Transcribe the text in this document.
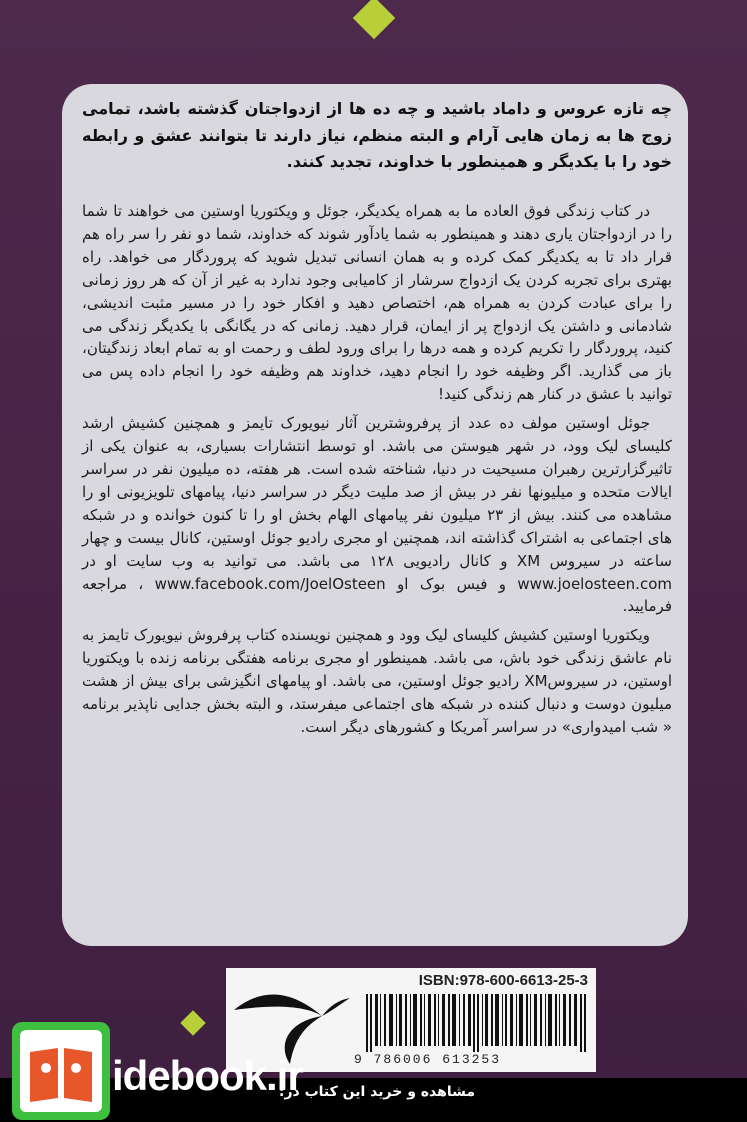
چه تازه عروس و داماد باشید و چه ده ها از ازدواجتان گذشته باشد، تمامی زوج ها به زمان هایی آرام و البته منظم، نیاز دارند تا بتوانند عشق و رابطه خود را با یکدیگر و همینطور با خداوند، تجدید کنند.

در کتاب زندگی فوق العاده ما به همراه یکدیگر، جوئل و ویکتوریا اوستین می خواهند تا شما را در ازدواجتان یاری دهند و همینطور به شما یادآور شوند که خداوند، شما دو نفر را سر راه هم قرار داد تا به یکدیگر کمک کرده و به همان انسانی تبدیل شوید که پروردگار می خواهد. راه بهتری برای تجربه کردن یک ازدواج سرشار از کامیابی وجود ندارد به غیر از آن که هر روز زمانی را برای عبادت کردن به همراه هم، اختصاص دهید و افکار خود را در مسیر مثبت اندیشی، شادمانی و داشتن یک ازدواج پر از ایمان، قرار دهید. زمانی که در یگانگی با یکدیگر زندگی می کنید، پروردگار را تکریم کرده و همه درها را برای ورود لطف و رحمت او به تمام ابعاد زندگیتان، باز می گذارید. اگر وظیفه خود را انجام دهید، خداوند هم وظیفه خود را انجام داده پس می توانید با عشق در کنار هم زندگی کنید!

جوئل اوستین مولف ده عدد از پرفروشترین آثار نیویورک تایمز و همچنین کشیش ارشد کلیسای لیک وود، در شهر هیوستن می باشد. او توسط انتشارات بسیاری، به عنوان یکی از تاثیرگزارترین رهبران مسیحیت در دنیا، شناخته شده است. هر هفته، ده میلیون نفر در سراسر ایالات متحده و میلیونها نفر در بیش از صد ملیت دیگر در سراسر دنیا، پیامهای تلویزیونی او را مشاهده می کنند. بیش از ۲۳ میلیون نفر پیامهای الهام بخش او را تا کنون خوانده و در شبکه های اجتماعی به اشتراک گذاشته اند، همچنین او مجری رادیو جوئل اوستین، کانال بیست و چهار ساعته در سیروس XM و کانال رادیویی ۱۲۸ می باشد. می توانید به وب سایت او در www.joelosteen.com و فیس بوک او www.facebook.com/JoelOsteen ، مراجعه فرمایید.

ویکتوریا اوستین کشیش کلیسای لیک وود و همچنین نویسنده کتاب پرفروش نیویورک تایمز به نام عاشق زندگی خود باش، می باشد. همینطور او مجری برنامه هفتگی برنامه زنده با ویکتوریا اوستین، در سیروسXM رادیو جوئل اوستین، می باشد. او پیامهای انگیزشی برای بیش از هشت میلیون دوست و دنبال کننده در شبکه های اجتماعی میفرستد، و البته بخش جدایی ناپذیر برنامه « شب امیدواری» در سراسر آمریکا و کشورهای دیگر است.

ISBN:978-600-6613-25-3
9 786006 613253
idebook.ir
مشاهده و خرید این کتاب در:
